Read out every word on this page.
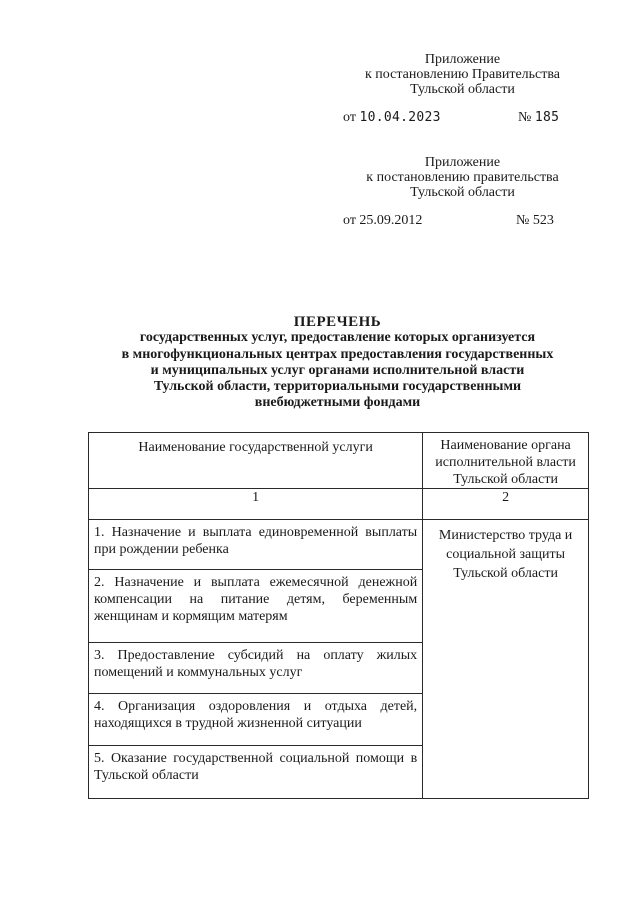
Приложение
к постановлению Правительства
Тульской области
от 10.04.2023	№ 185
Приложение
к постановлению правительства
Тульской области
от 25.09.2012	№ 523
ПЕРЕЧЕНЬ
государственных услуг, предоставление которых организуется
в многофункциональных центрах предоставления государственных
и муниципальных услуг органами исполнительной власти
Тульской области, территориальными государственными
внебюджетными фондами
Наименование государственной услуги	Наименование органа исполнительной власти Тульской области

1	2
1. Назначение и выплата единовременной выплаты при рождении ребенка	Министерство труда и социальной защиты Тульской области
2. Назначение и выплата ежемесячной денежной компенсации на питание детям, беременным женщинам и кормящим матерям	
3. Предоставление субсидий на оплату жилых помещений и коммунальных услуг	
4. Организация оздоровления и отдыха детей, находящихся в трудной жизненной ситуации	
5. Оказание государственной социальной помощи в Тульской области	
